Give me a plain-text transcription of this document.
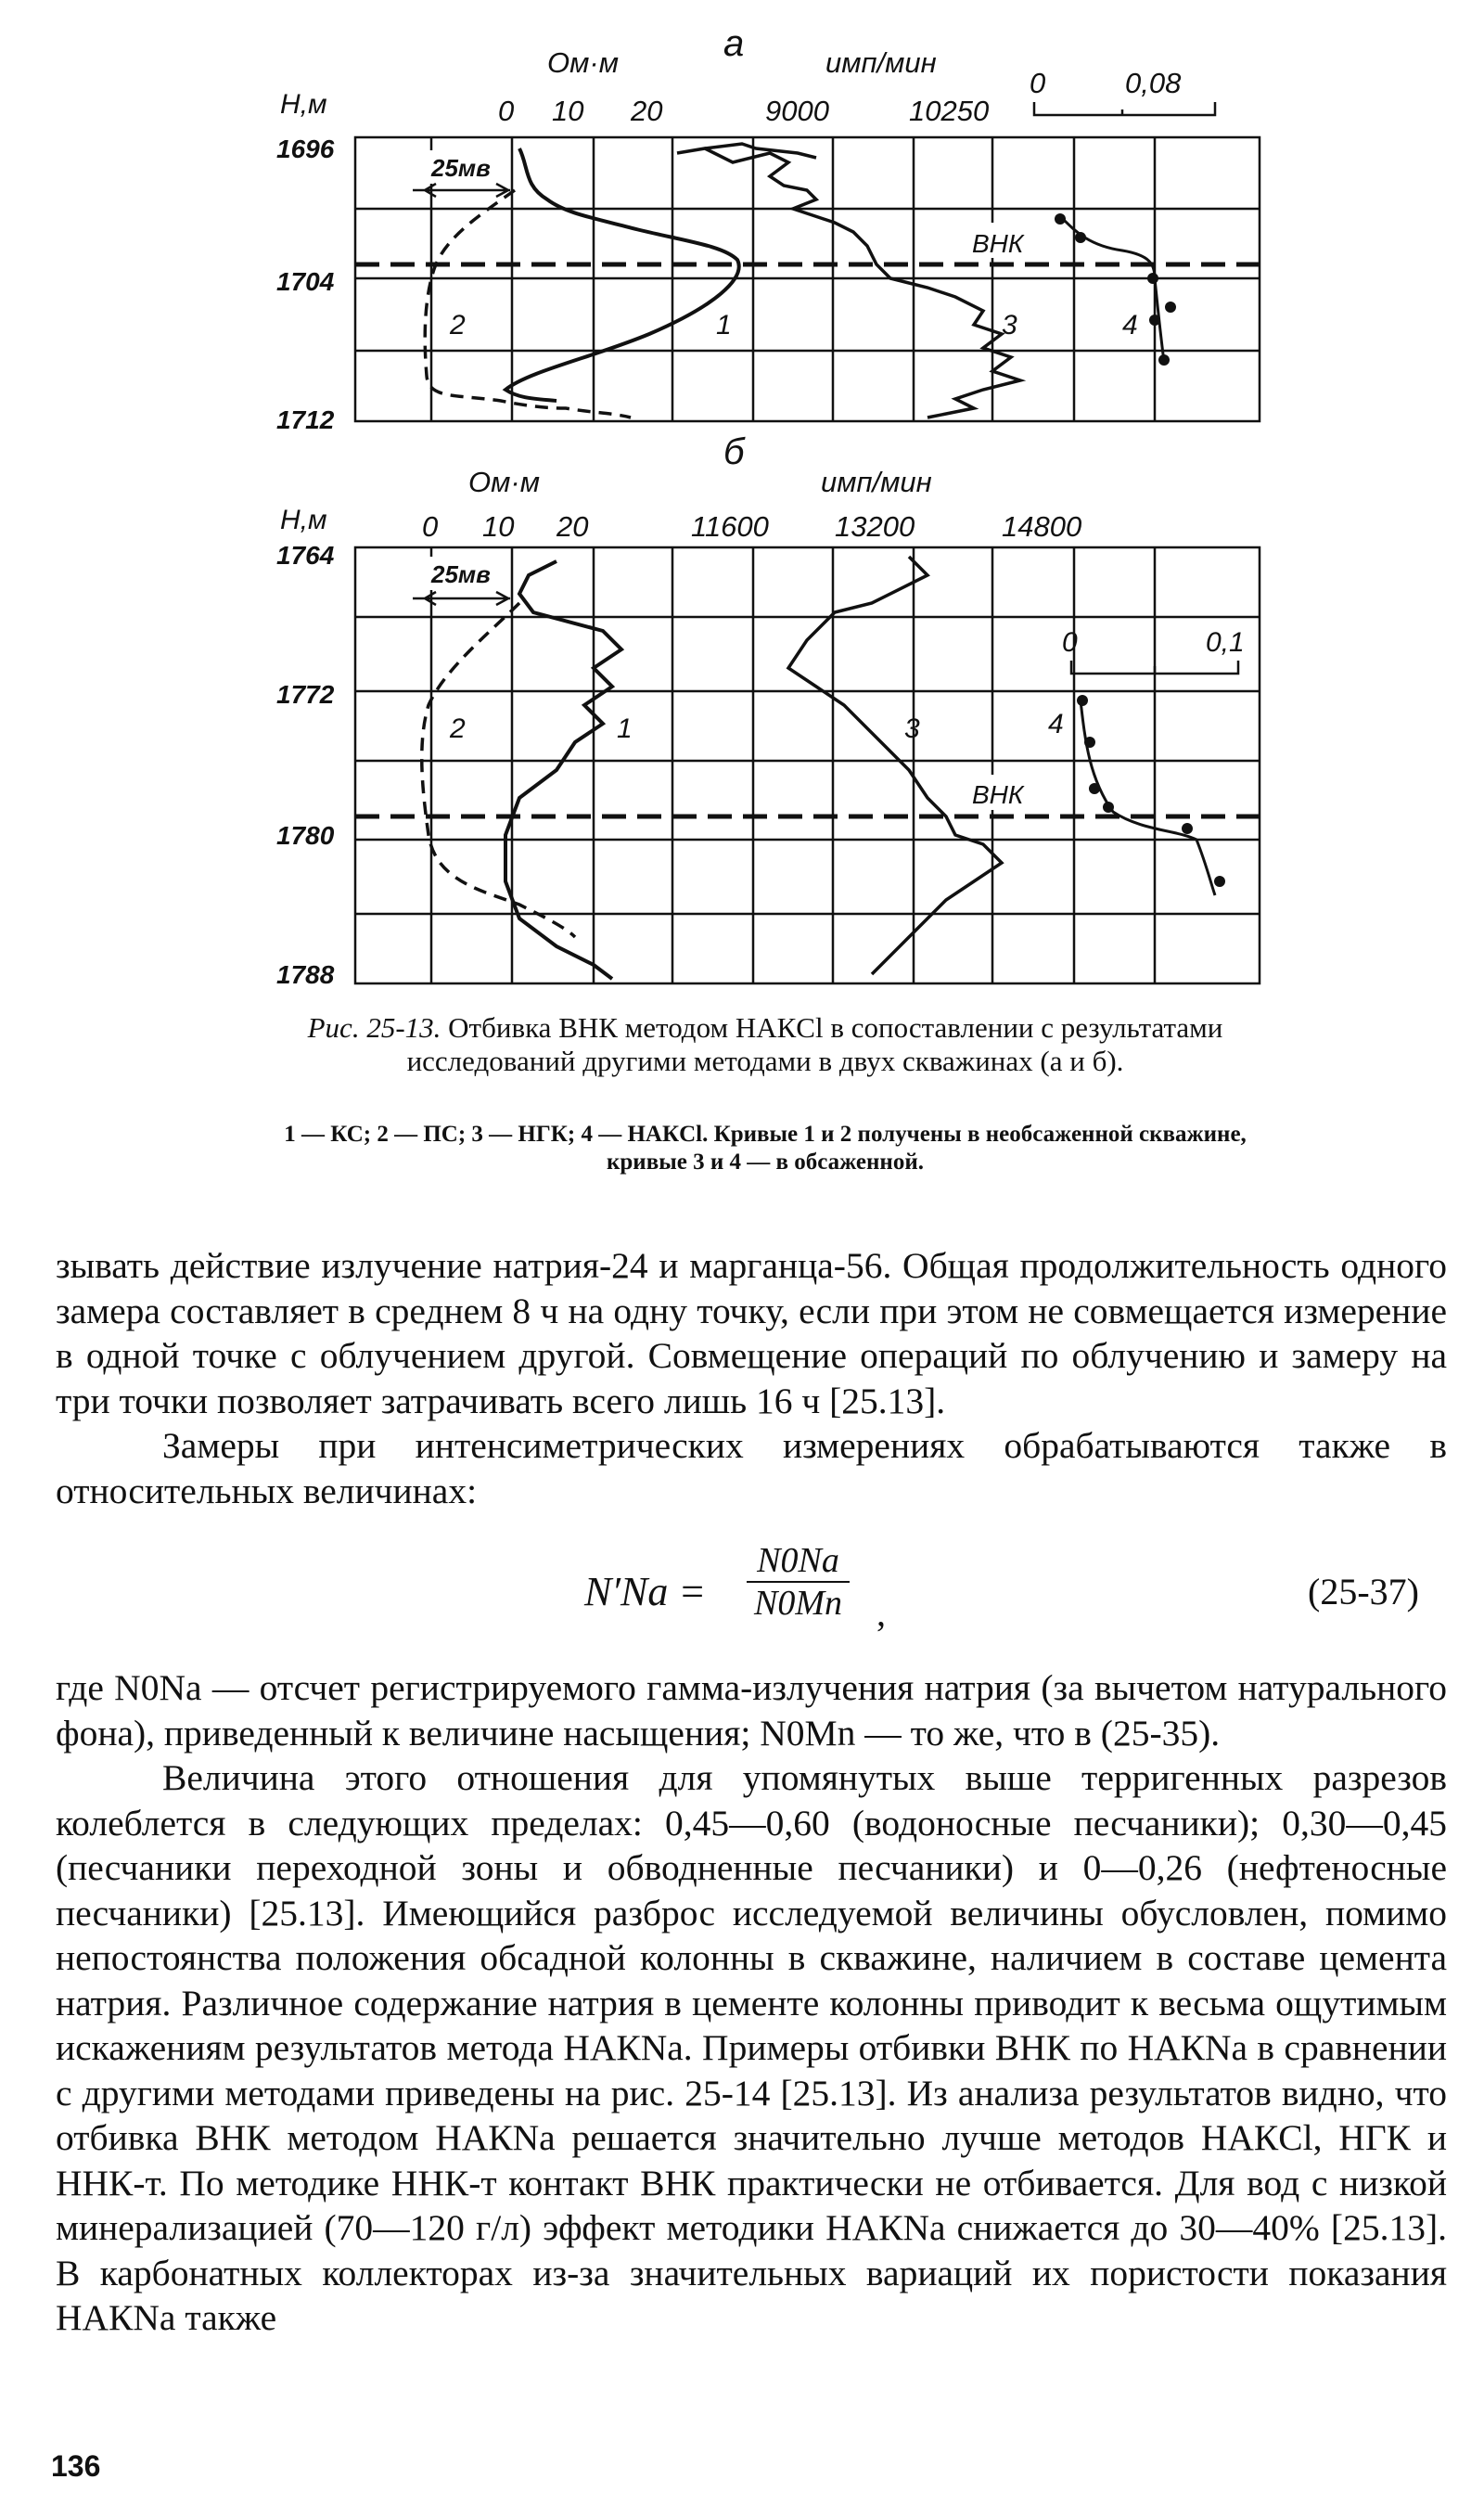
а
Ом·м	имп/мин
Н,м	0 10 20	9000	10250
0	0,08
1696
1704
1712
25мв
ВНК
2	1	3	4
б
Ом·м	имп/мин
Н,м	0 10 20	11600 13200	14800
1764
1772
1780
1788
0	0,1
25мв
ВНК
2	1	3	4
Рис. 25-13. Отбивка ВНК методом НАКCl в сопоставлении с результатами исследований другими методами в двух скважинах (а и б).
1 — КС; 2 — ПС; 3 — НГК; 4 — НАКCl. Кривые 1 и 2 получены в необсаженной скважине, кривые 3 и 4 — в обсаженной.

зывать действие излучение натрия-24 и марганца-56. Общая продолжительность одного замера составляет в среднем 8 ч на одну точку, если при этом не совмещается измерение в одной точке с облучением другой. Совмещение операций по облучению и замеру на три точки позволяет затрачивать всего лишь 16 ч [25.13].

Замеры при интенсиметрических измерениях обрабатываются также в относительных величинах:

$N'Na = \frac{N0Na}{N0Mn}$ ,
(25-37)

где N0Na — отсчет регистрируемого гамма-излучения натрия (за вычетом натурального фона), приведенный к величине насыщения; N0Mn — то же, что в (25-35).

Величина этого отношения для упомянутых выше терригенных разрезов колеблется в следующих пределах: 0,45—0,60 (водоносные песчаники); 0,30—0,45 (песчаники переходной зоны и обводненные песчаники) и 0—0,26 (нефтеносные песчаники) [25.13]. Имеющийся разброс исследуемой величины обусловлен, помимо непостоянства положения обсадной колонны в скважине, наличием в составе цемента натрия. Различное содержание натрия в цементе колонны приводит к весьма ощутимым искажениям результатов метода НАКNa. Примеры отбивки ВНК по НАКNa в сравнении с другими методами приведены на рис. 25-14 [25.13]. Из анализа результатов видно, что отбивка ВНК методом НАКNa решается значительно лучше методов НАКCl, НГК и ННК-т. По методике ННК-т контакт ВНК практически не отбивается. Для вод с низкой минерализацией (70—120 г/л) эффект методики НАКNa снижается до 30—40% [25.13]. В карбонатных коллекторах из-за значительных вариаций их пористости показания НАКNa также

136
